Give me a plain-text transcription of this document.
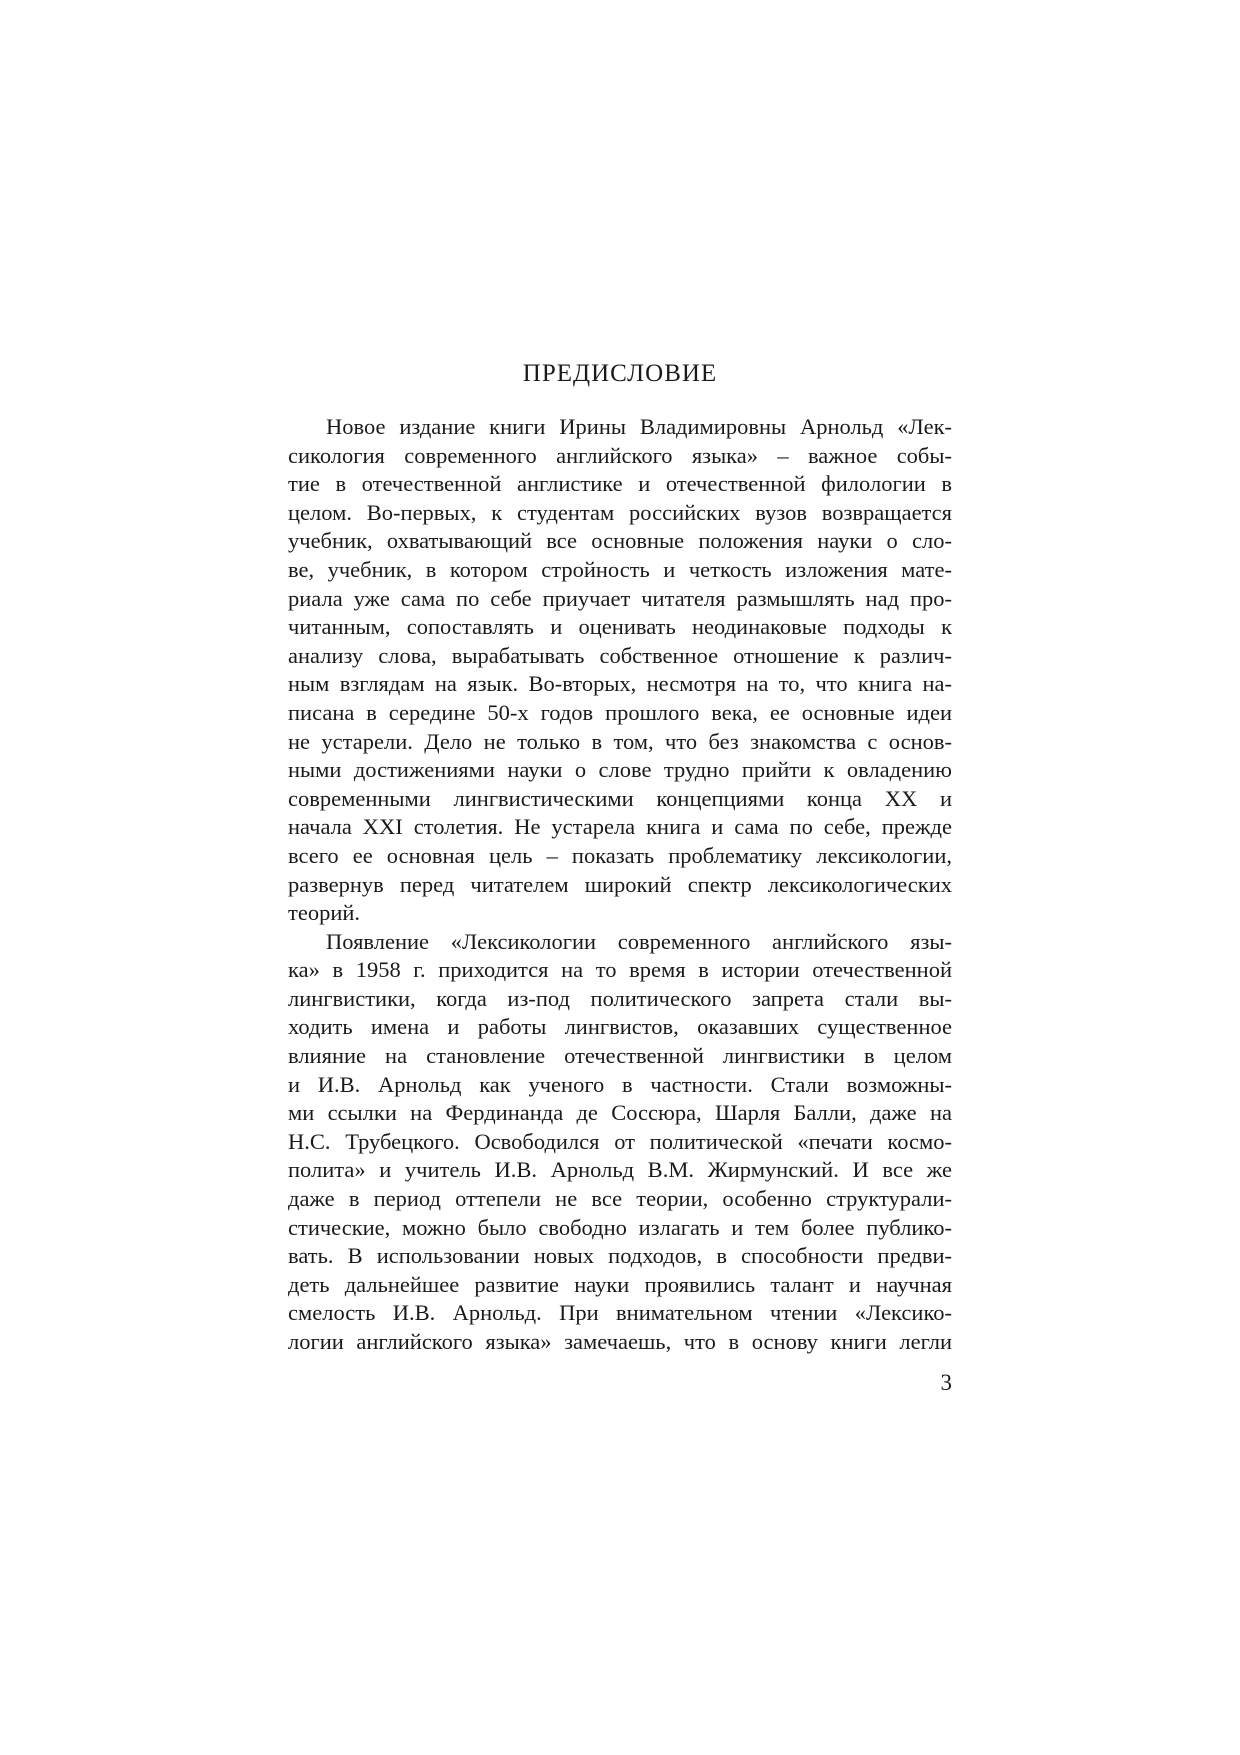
ПРЕДИСЛОВИЕ
Новое издание книги Ирины Владимировны Арнольд «Лек-
сикология современного английского языка» – важное собы-
тие в отечественной англистике и отечественной филологии в
целом. Во-первых, к студентам российских вузов возвращается
учебник, охватывающий все основные положения науки о сло-
ве, учебник, в котором стройность и четкость изложения мате-
риала уже сама по себе приучает читателя размышлять над про-
читанным, сопоставлять и оценивать неодинаковые подходы к
анализу слова, вырабатывать собственное отношение к различ-
ным взглядам на язык. Во-вторых, несмотря на то, что книга на-
писана в середине 50-х годов прошлого века, ее основные идеи
не устарели. Дело не только в том, что без знакомства с основ-
ными достижениями науки о слове трудно прийти к овладению
современными лингвистическими концепциями конца XX и
начала XXI столетия. Не устарела книга и сама по себе, прежде
всего ее основная цель – показать проблематику лексикологии,
развернув перед читателем широкий спектр лексикологических
теорий.
Появление «Лексикологии современного английского язы-
ка» в 1958 г. приходится на то время в истории отечественной
лингвистики, когда из-под политического запрета стали вы-
ходить имена и работы лингвистов, оказавших существенное
влияние на становление отечественной лингвистики в целом
и И.В. Арнольд как ученого в частности. Стали возможны-
ми ссылки на Фердинанда де Соссюра, Шарля Балли, даже на
Н.С. Трубецкого. Освободился от политической «печати космо-
полита» и учитель И.В. Арнольд В.М. Жирмунский. И все же
даже в период оттепели не все теории, особенно структурали-
стические, можно было свободно излагать и тем более публико-
вать. В использовании новых подходов, в способности предви-
деть дальнейшее развитие науки проявились талант и научная
смелость И.В. Арнольд. При внимательном чтении «Лексико-
логии английского языка» замечаешь, что в основу книги легли
3
